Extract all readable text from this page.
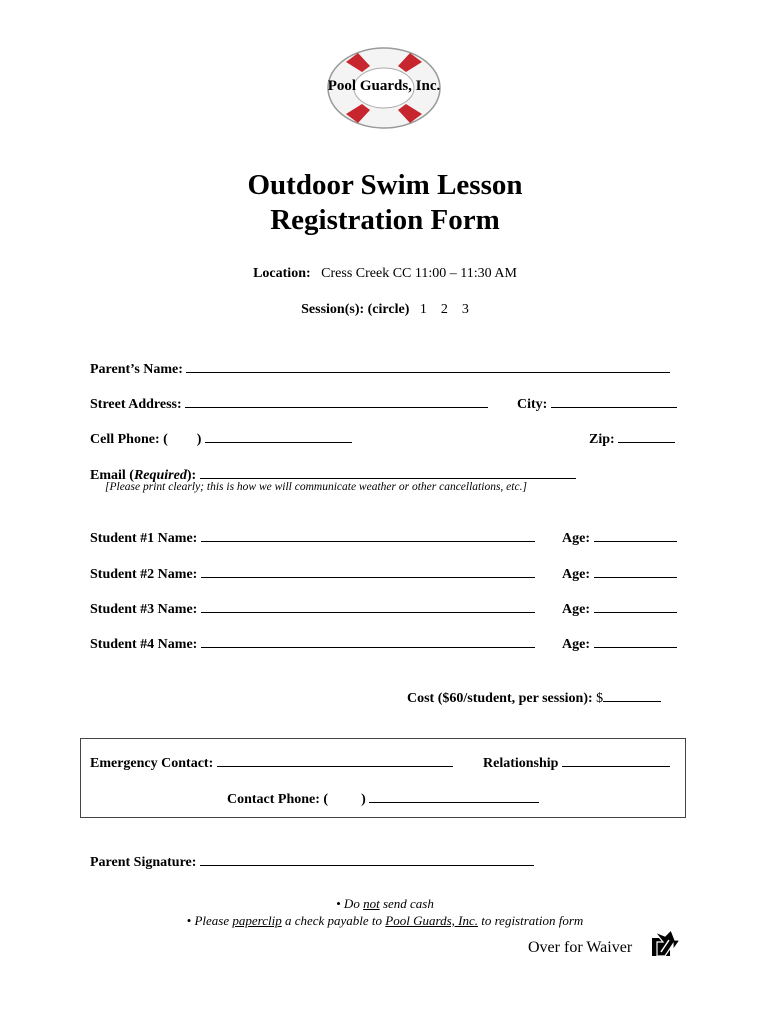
Pool Guards, Inc.
Outdoor Swim Lesson
Registration Form
Location: Cress Creek CC 11:00 – 11:30 AM
Session(s): (circle) 1 2 3
Parent’s Name:
Street Address:	City:
Cell Phone: ( )	Zip:
Email (Required):
[Please print clearly; this is how we will communicate weather or other cancellations, etc.]
Student #1 Name:	Age:
Student #2 Name:	Age:
Student #3 Name:	Age:
Student #4 Name:	Age:
Cost ($60/student, per session): $
Emergency Contact:	Relationship
Contact Phone: ( )
Parent Signature:
• Do not send cash
• Please paperclip a check payable to Pool Guards, Inc. to registration form
Over for Waiver
